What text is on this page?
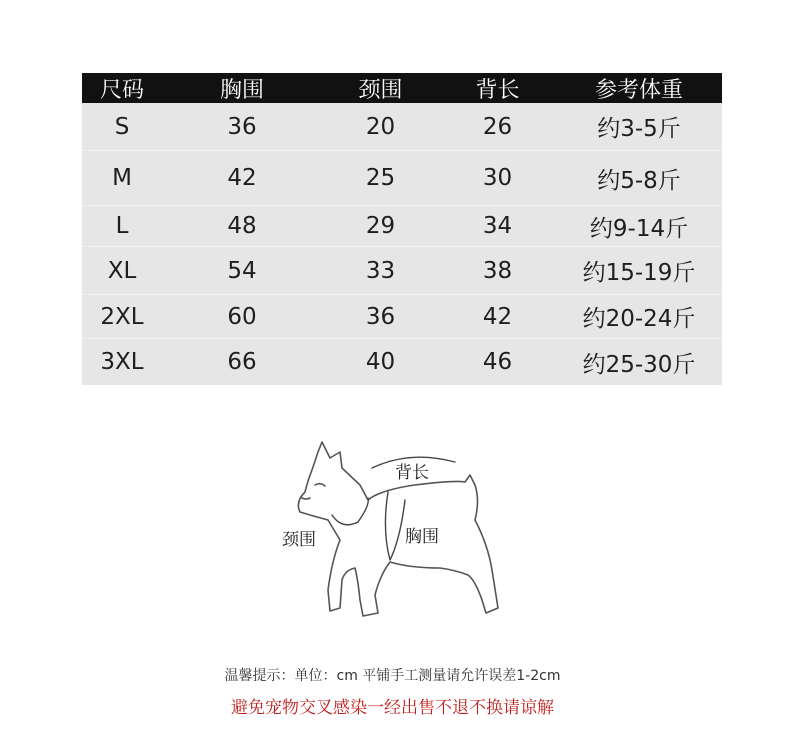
尺码	胸围	颈围	背长	参考体重
S	36	20	26	约3-5斤
M	42	25	30	约5-8斤
L	48	29	34	约9-14斤
XL	54	33	38	约15-19斤
2XL	60	36	42	约20-24斤
3XL	66	40	46	约25-30斤
背长
颈围	胸围
温馨提示：单位：cm 平铺手工测量请允许误差1-2cm
避免宠物交叉感染一经出售不退不换请谅解
